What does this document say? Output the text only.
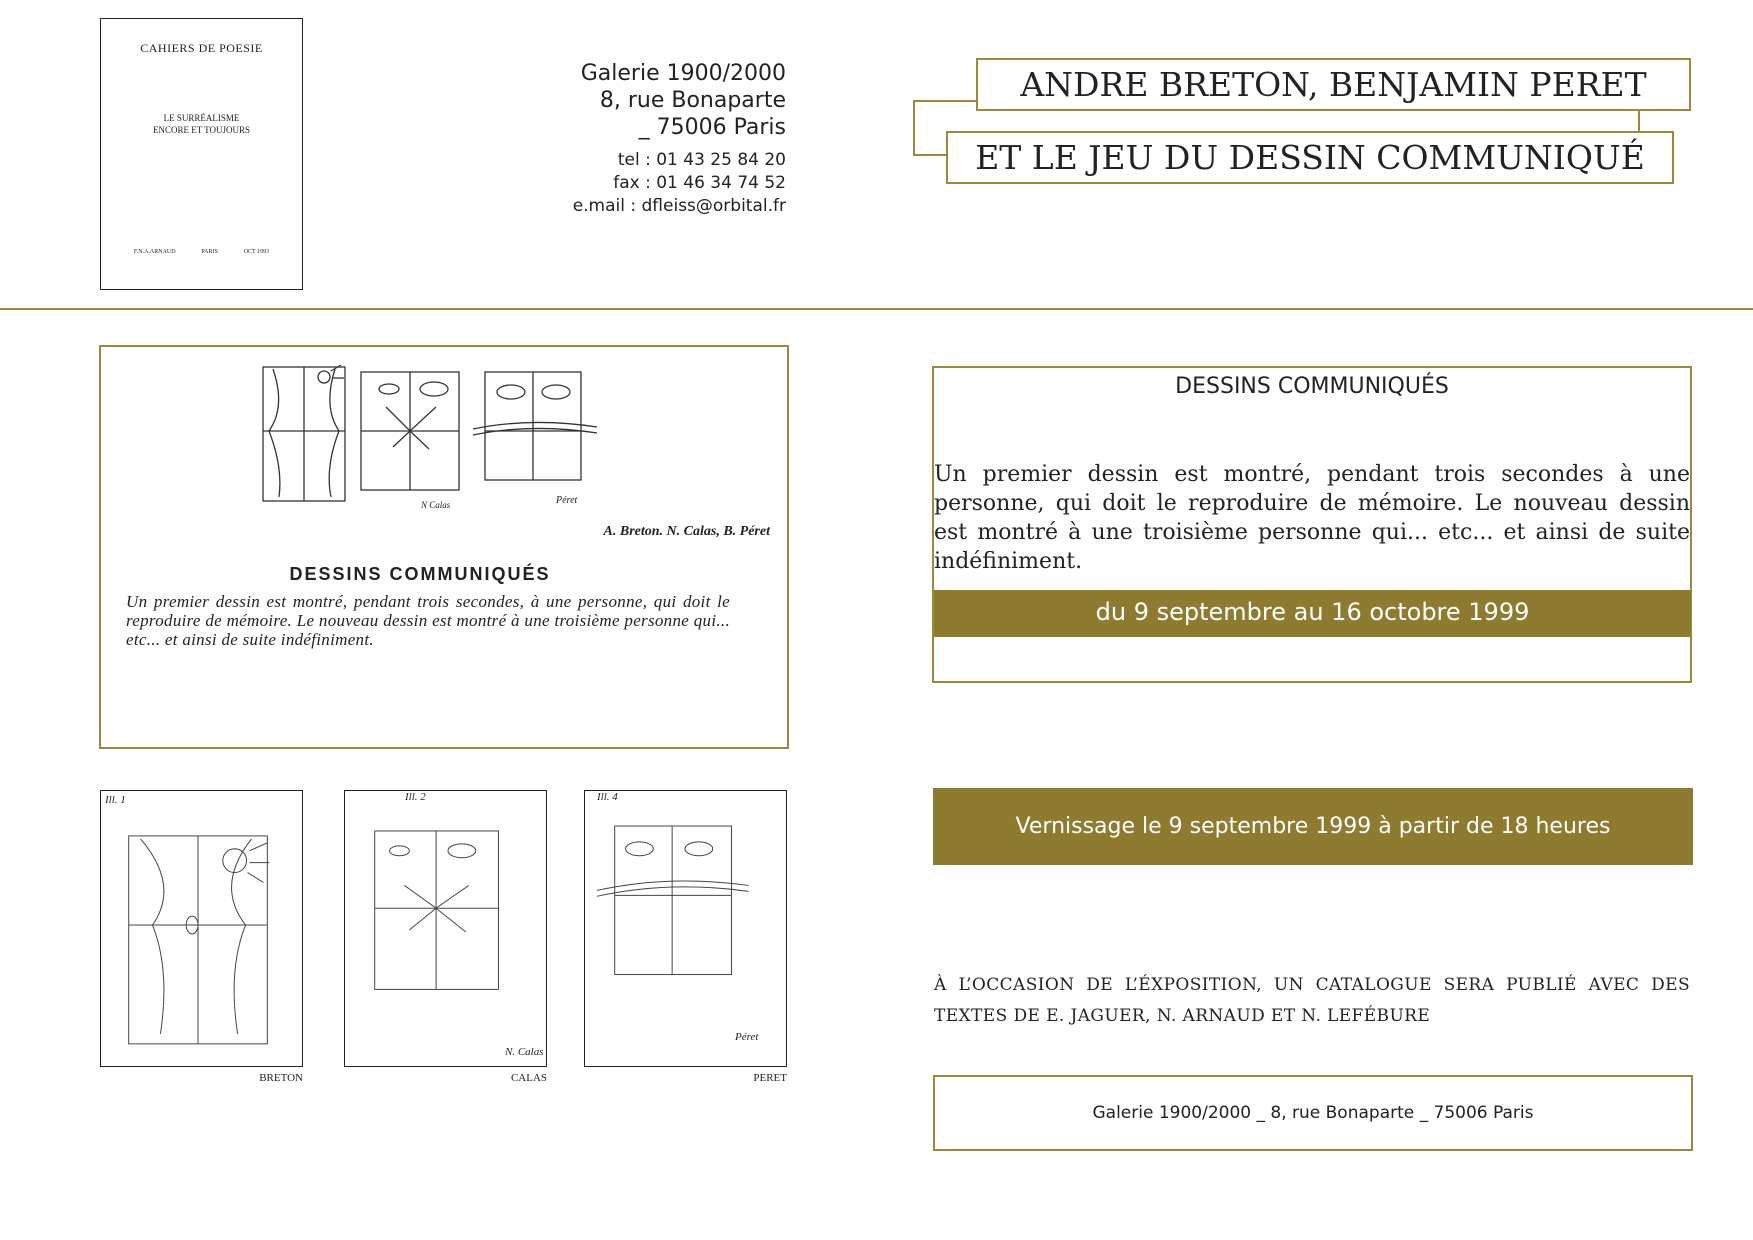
CAHIERS DE POESIE
LE SURRÉALISME
ENCORE ET TOUJOURS
F.N.A.ARNAUD	PARIS	OCT 1993
Galerie 1900/2000
8, rue Bonaparte
_ 75006 Paris
tel : 01 43 25 84 20
fax : 01 46 34 74 52
e.mail : dfleiss@orbital.fr
ANDRE BRETON, BENJAMIN PERET
ET LE JEU DU DESSIN COMMUNIQUÉ
N Calas	Péret
A. Breton. N. Calas, B. Péret
DESSINS COMMUNIQUÉS
Un premier dessin est montré, pendant trois secondes, à une personne, qui doit le reproduire de mémoire. Le nouveau dessin est montré à une troisième personne qui... etc... et ainsi de suite indéfiniment.
Ill. 1
BRETON
Ill. 2
N. Calas
CALAS
Ill. 4
Péret
PERET
DESSINS COMMUNIQUÉS
Un premier dessin est montré, pendant trois secondes à une personne, qui doit le reproduire de mémoire. Le nouveau dessin est montré à une troisième personne qui... etc... et ainsi de suite indéfiniment.
du 9 septembre au 16 octobre 1999
Vernissage le 9 septembre 1999 à partir de 18 heures
À L’OCCASION DE L’ÉXPOSITION, UN CATALOGUE SERA PUBLIÉ AVEC DES TEXTES DE E. JAGUER, N. ARNAUD ET N. LEFÉBURE
Galerie 1900/2000 _ 8, rue Bonaparte _ 75006 Paris
